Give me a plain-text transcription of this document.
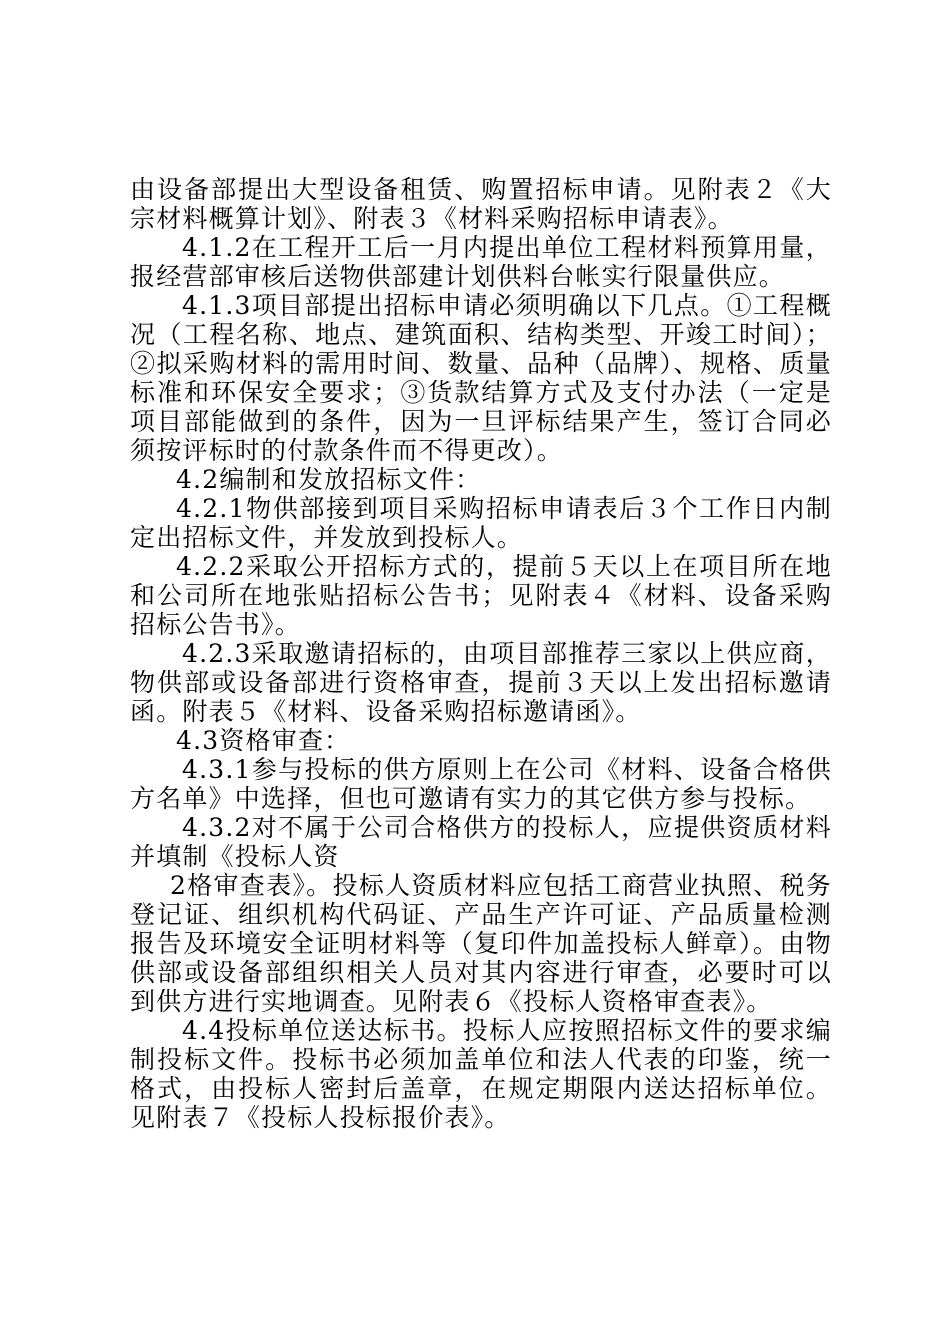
由设备部提出大型设备租赁、购置招标申请。见附表２《大宗材料概算计划》、附表３《材料采购招标申请表》。

4.1.2在工程开工后一月内提出单位工程材料预算用量，报经营部审核后送物供部建计划供料台帐实行限量供应。

4.1.3项目部提出招标申请必须明确以下几点。①工程概况（工程名称、地点、建筑面积、结构类型、开竣工时间）；②拟采购材料的需用时间、数量、品种（品牌）、规格、质量标准和环保安全要求；③货款结算方式及支付办法（一定是项目部能做到的条件，因为一旦评标结果产生，签订合同必须按评标时的付款条件而不得更改）。

4.2编制和发放招标文件：

4.2.1物供部接到项目采购招标申请表后３个工作日内制定出招标文件，并发放到投标人。

4.2.2采取公开招标方式的，提前５天以上在项目所在地和公司所在地张贴招标公告书；见附表４《材料、设备采购招标公告书》。

4.2.3采取邀请招标的，由项目部推荐三家以上供应商，物供部或设备部进行资格审查，提前３天以上发出招标邀请函。附表５《材料、设备采购招标邀请函》。

4.3资格审查：

4.3.1参与投标的供方原则上在公司《材料、设备合格供方名单》中选择，但也可邀请有实力的其它供方参与投标。

4.3.2对不属于公司合格供方的投标人，应提供资质材料并填制《投标人资

2格审查表》。投标人资质材料应包括工商营业执照、税务登记证、组织机构代码证、产品生产许可证、产品质量检测报告及环境安全证明材料等（复印件加盖投标人鲜章）。由物供部或设备部组织相关人员对其内容进行审查，必要时可以到供方进行实地调查。见附表６《投标人资格审查表》。

4.4投标单位送达标书。投标人应按照招标文件的要求编制投标文件。投标书必须加盖单位和法人代表的印鉴，统一格式，由投标人密封后盖章，在规定期限内送达招标单位。见附表７《投标人投标报价表》。
